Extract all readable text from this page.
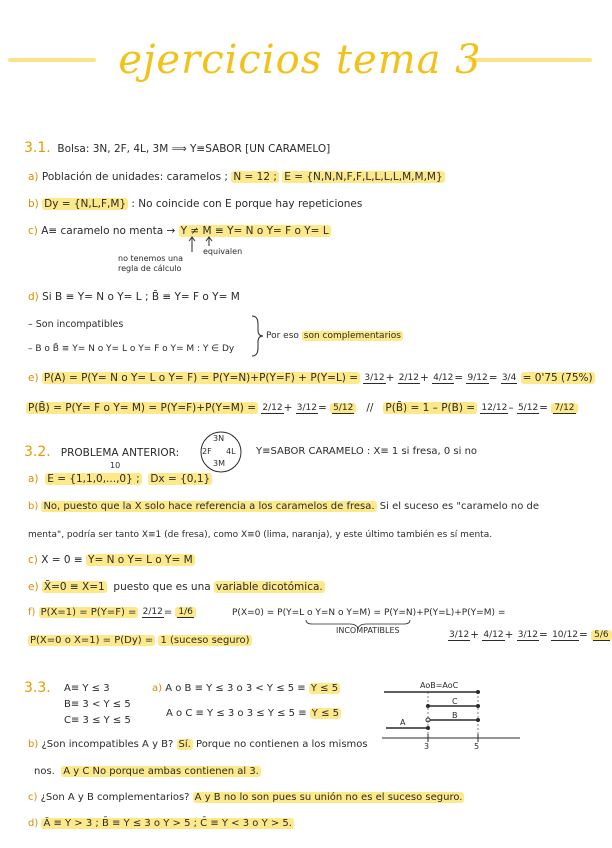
ejercicios tema 3
3.1. Bolsa: 3N, 2F, 4L, 3M ⟹ Y≡SABOR [UN CARAMELO]
a) Población de unidades: caramelos ; N = 12 ; E = {N,N,N,F,F,L,L,L,L,M,M,M}
b) Dy = {N,L,F,M} : No coincide con E porque hay repeticiones
c) A≡ caramelo no menta → Y ≠ M ≡ Y= N o Y= F o Y= L
no tenemos una
regla de cálculo
equivalen
d) Si B ≡ Y= N o Y= L ; B̄ ≡ Y= F o Y= M
– Son incompatibles
– B o B̄ ≡ Y= N o Y= L o Y= F o Y= M : Y ∈ Dy
Por eso son complementarios
e) P(A) = P(Y= N o Y= L o Y= F) = P(Y=N)+P(Y=F) + P(Y=L) = 3/12 + 2/12 + 4/12 = 9/12 = 3/4 = 0'75 (75%)
P(B̄) = P(Y= F o Y= M) = P(Y=F)+P(Y=M) = 2/12 + 3/12 = 5/12 // P(B̄) = 1 – P(B) = 12/12 – 5/12 = 7/12
3.2. PROBLEMA ANTERIOR:
3N
2F 4L
3M
Y≡SABOR CARAMELO : X≡ 1 si fresa, 0 si no
a) E = {1,1,0,...,0} ; Dx = {0,1}
10
b) No, puesto que la X solo hace referencia a los caramelos de fresa. Si el suceso es "caramelo no de
menta", podría ser tanto X≡1 (de fresa), como X≡0 (lima, naranja), y este último también es sí menta.
c) X = 0 ≡ Y= N o Y= L o Y= M
e) X̄=0 ≡ X=1 puesto que es una variable dicotómica.
f) P(X=1) = P(Y=F) = 2/12 = 1/6	P(X=0) = P(Y=L o Y=N o Y=M) = P(Y=N)+P(Y=L)+P(Y=M) =
INCOMPATIBLES	3/12 + 4/12 + 3/12 = 10/12 = 5/6
P(X=0 o X=1) = P(Dy) = 1 (suceso seguro)
3.3. A≡ Y ≤ 3
B≡ 3 < Y ≤ 5
C≡ 3 ≤ Y ≤ 5
a) A o B ≡ Y ≤ 3 o 3 < Y ≤ 5 ≡ Y ≤ 5
A o C ≡ Y ≤ 3 o 3 ≤ Y ≤ 5 ≡ Y ≤ 5
AoB=AoC
C
B
A
3	5
b) ¿Son incompatibles A y B? Sí. Porque no contienen a los mismos
nos. A y C No porque ambas contienen al 3.
c) ¿Son A y B complementarios? A y B no lo son pues su unión no es el suceso seguro.
d) Ā ≡ Y > 3 ; B̄ ≡ Y ≤ 3 o Y > 5 ; C̄ ≡ Y < 3 o Y > 5.
